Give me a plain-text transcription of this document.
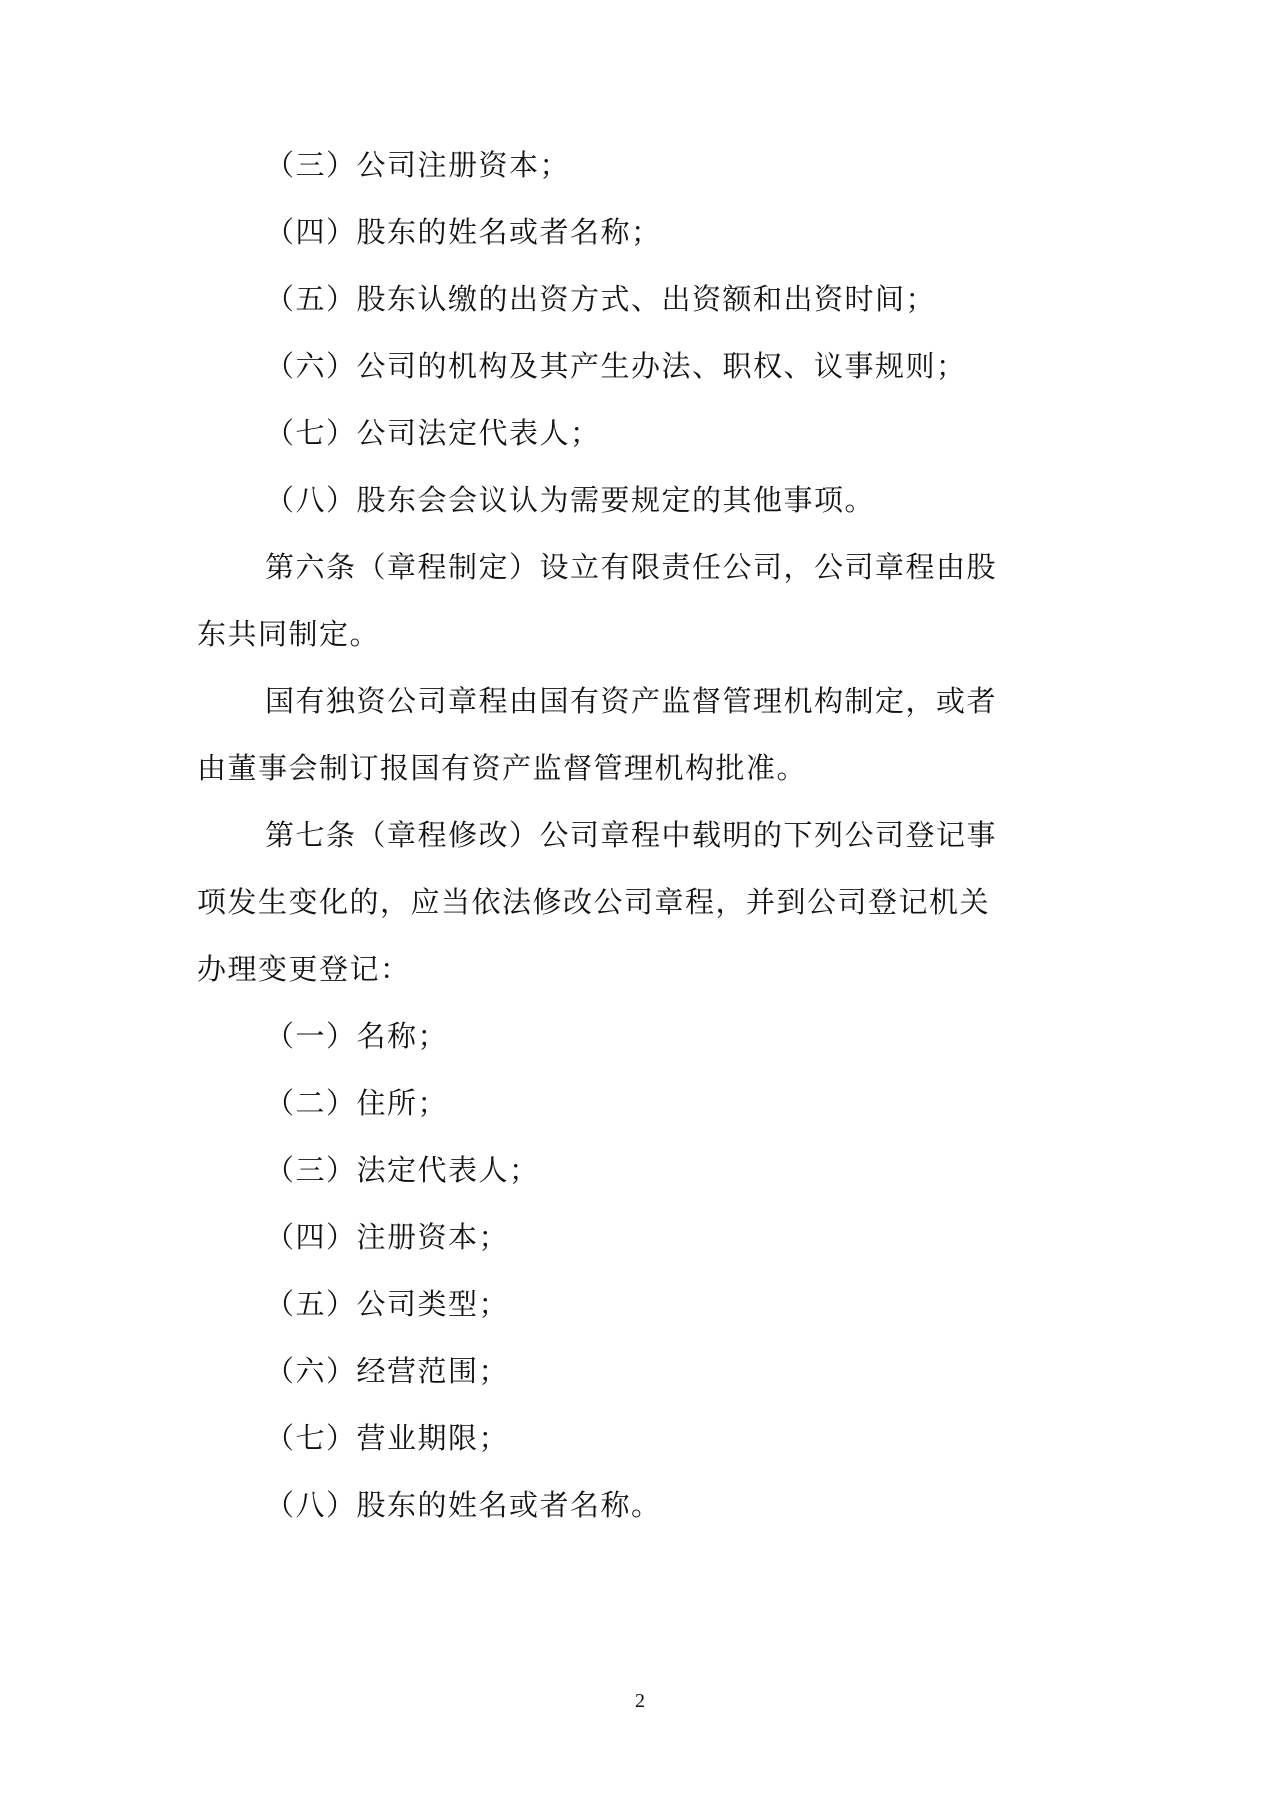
（三）公司注册资本；
（四）股东的姓名或者名称；
（五）股东认缴的出资方式、出资额和出资时间；
（六）公司的机构及其产生办法、职权、议事规则；
（七）公司法定代表人；
（八）股东会会议认为需要规定的其他事项。
第六条（章程制定）设立有限责任公司，公司章程由股
东共同制定。
国有独资公司章程由国有资产监督管理机构制定，或者
由董事会制订报国有资产监督管理机构批准。
第七条（章程修改）公司章程中载明的下列公司登记事
项发生变化的，应当依法修改公司章程，并到公司登记机关
办理变更登记：
（一）名称；
（二）住所；
（三）法定代表人；
（四）注册资本；
（五）公司类型；
（六）经营范围；
（七）营业期限；
（八）股东的姓名或者名称。
2
